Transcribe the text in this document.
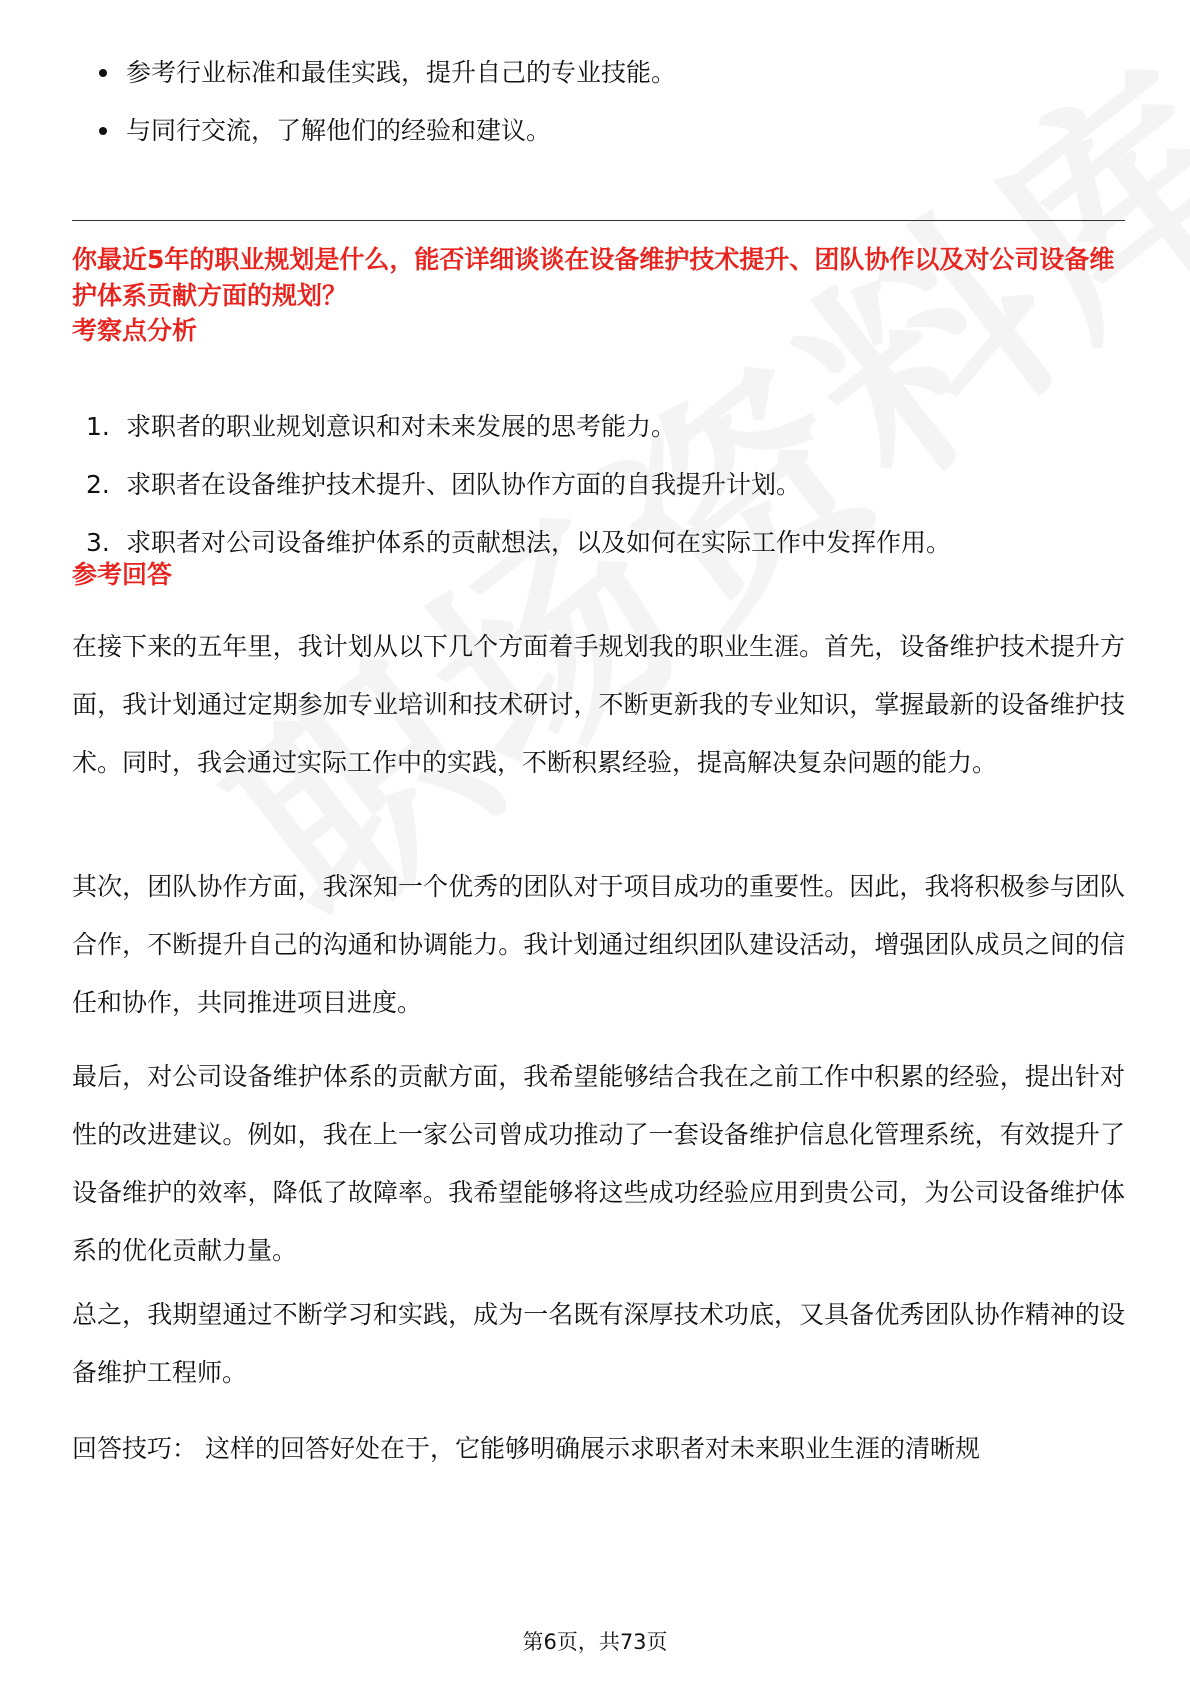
参考行业标准和最佳实践，提升自己的专业技能。
与同行交流，了解他们的经验和建议。
你最近5年的职业规划是什么，能否详细谈谈在设备维护技术提升、团队协作以及对公司设备维护体系贡献方面的规划？
考察点分析
1. 求职者的职业规划意识和对未来发展的思考能力。
2. 求职者在设备维护技术提升、团队协作方面的自我提升计划。
3. 求职者对公司设备维护体系的贡献想法，以及如何在实际工作中发挥作用。
参考回答
在接下来的五年里，我计划从以下几个方面着手规划我的职业生涯。首先，设备维护技术提升方面，我计划通过定期参加专业培训和技术研讨，不断更新我的专业知识，掌握最新的设备维护技术。同时，我会通过实际工作中的实践，不断积累经验，提高解决复杂问题的能力。
其次，团队协作方面，我深知一个优秀的团队对于项目成功的重要性。因此，我将积极参与团队合作，不断提升自己的沟通和协调能力。我计划通过组织团队建设活动，增强团队成员之间的信任和协作，共同推进项目进度。
最后，对公司设备维护体系的贡献方面，我希望能够结合我在之前工作中积累的经验，提出针对性的改进建议。例如，我在上一家公司曾成功推动了一套设备维护信息化管理系统，有效提升了设备维护的效率，降低了故障率。我希望能够将这些成功经验应用到贵公司，为公司设备维护体系的优化贡献力量。
总之，我期望通过不断学习和实践，成为一名既有深厚技术功底，又具备优秀团队协作精神的设备维护工程师。
回答技巧： 这样的回答好处在于，它能够明确展示求职者对未来职业生涯的清晰规
第6页，共73页
